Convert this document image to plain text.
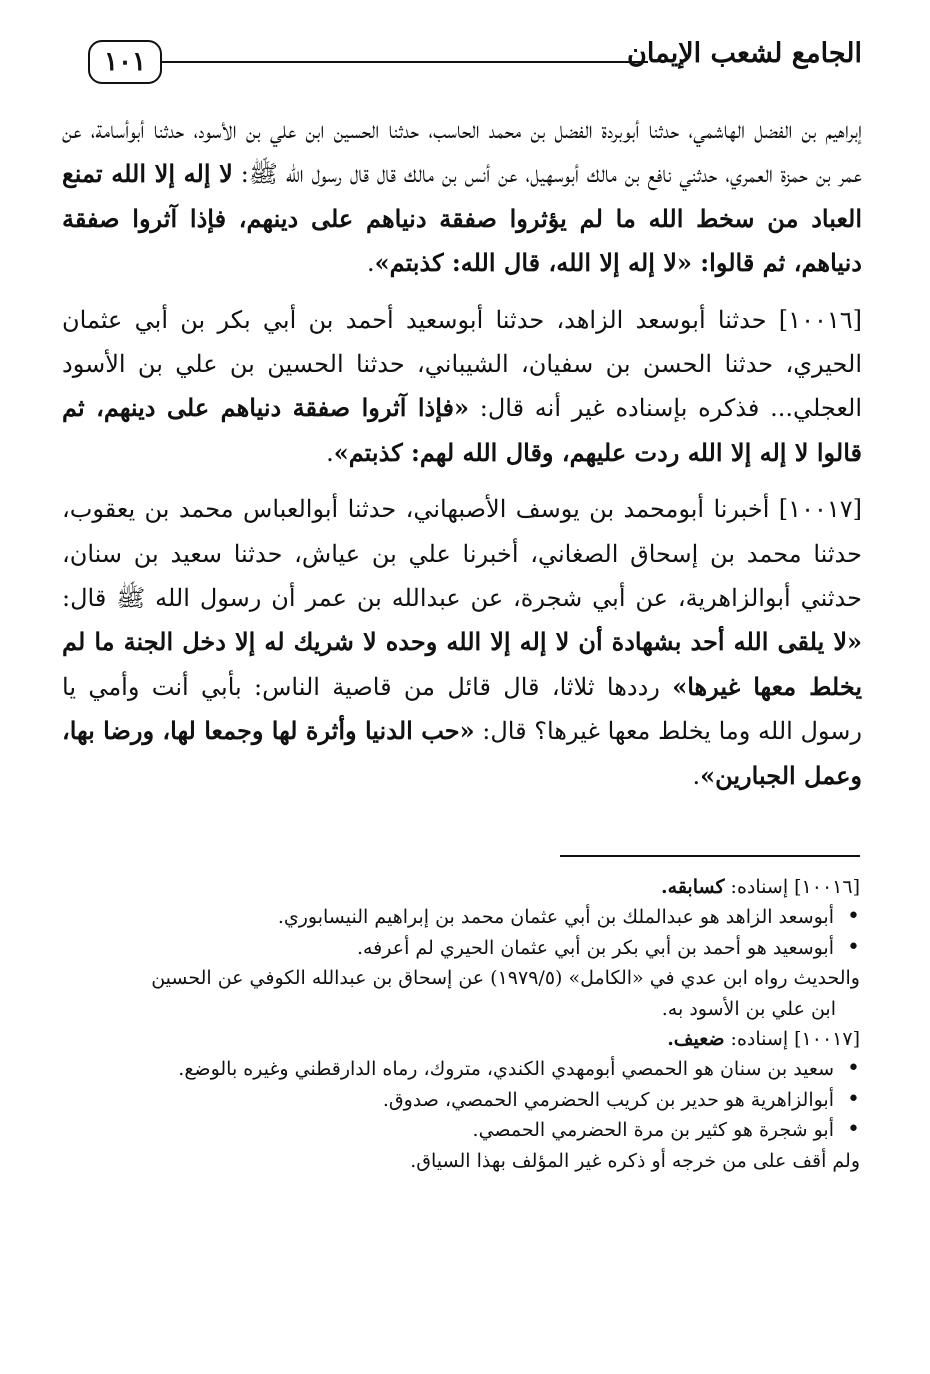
١٠١	الجامع لشعب الإيمان

إبراهيم بن الفضل الهاشمي، حدثنا أبوبردة الفضل بن محمد الحاسب، حدثنا الحسين ابن علي بن الأسود، حدثنا أبوأسامة، عن عمر بن حمزة العمري، حدثني نافع بن مالك أبوسهيل، عن أنس بن مالك قال قال رسول الله ﷺ: لا إله إلا الله تمنع العباد من سخط الله ما لم يؤثروا صفقة دنياهم على دينهم، فإذا آثروا صفقة دنياهم، ثم قالوا: «لا إله إلا الله، قال الله: كذبتم».

[١٠٠١٦] حدثنا أبوسعد الزاهد، حدثنا أبوسعيد أحمد بن أبي بكر بن أبي عثمان الحيري، حدثنا الحسن بن سفيان، الشيباني، حدثنا الحسين بن علي بن الأسود العجلي... فذكره بإسناده غير أنه قال: «فإذا آثروا صفقة دنياهم على دينهم، ثم قالوا لا إله إلا الله ردت عليهم، وقال الله لهم: كذبتم».

[١٠٠١٧] أخبرنا أبومحمد بن يوسف الأصبهاني، حدثنا أبوالعباس محمد بن يعقوب، حدثنا محمد بن إسحاق الصغاني، أخبرنا علي بن عياش، حدثنا سعيد بن سنان، حدثني أبوالزاهرية، عن أبي شجرة، عن عبدالله بن عمر أن رسول الله ﷺ قال: «لا يلقى الله أحد بشهادة أن لا إله إلا الله وحده لا شريك له إلا دخل الجنة ما لم يخلط معها غيرها» رددها ثلاثا، قال قائل من قاصية الناس: بأبي أنت وأمي يا رسول الله وما يخلط معها غيرها؟ قال: «حب الدنيا وأثرة لها وجمعا لها، ورضا بها، وعمل الجبارين».

[١٠٠١٦] إسناده: كسابقه.

• أبوسعد الزاهد هو عبدالملك بن أبي عثمان محمد بن إبراهيم النيسابوري.

• أبوسعيد هو أحمد بن أبي بكر بن أبي عثمان الحيري لم أعرفه.

والحديث رواه ابن عدي في «الكامل» (١٩٧٩/٥) عن إسحاق بن عبدالله الكوفي عن الحسين

ابن علي بن الأسود به.

[١٠٠١٧] إسناده: ضعيف.

• سعيد بن سنان هو الحمصي أبومهدي الكندي، متروك، رماه الدارقطني وغيره بالوضع.

• أبوالزاهرية هو حدير بن كريب الحضرمي الحمصي، صدوق.

• أبو شجرة هو كثير بن مرة الحضرمي الحمصي.

ولم أقف على من خرجه أو ذكره غير المؤلف بهذا السياق.
